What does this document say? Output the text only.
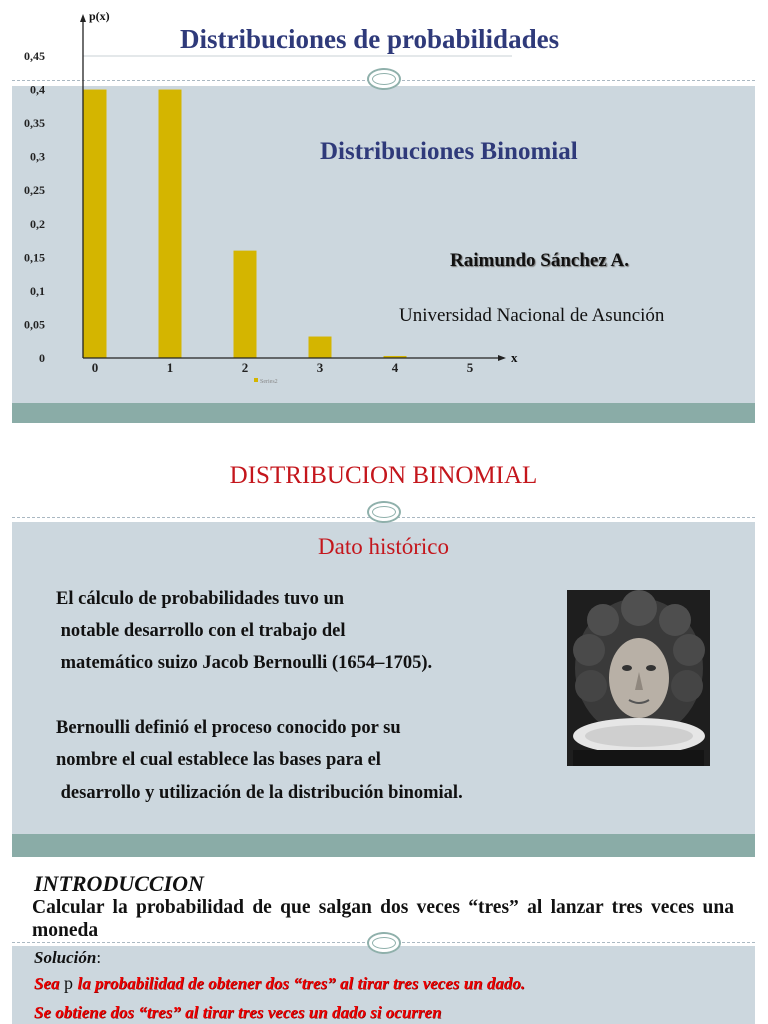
0
0,05
0,1
0,15
0,2
0,25
0,3
0,35
0,4
0,45
0	1	2	3	4	5
p(x)
x
Series2
Distribuciones de probabilidades
Distribuciones Binomial
Raimundo Sánchez A.
Universidad Nacional de Asunción
DISTRIBUCION BINOMIAL
Dato histórico
El cálculo de probabilidades tuvo un
notable desarrollo con el trabajo del
matemático suizo Jacob Bernoulli (1654–1705).
Bernoulli definió el proceso conocido por su
nombre el cual establece las bases para el
desarrollo y utilización de la distribución binomial.
INTRODUCCION
Calcular la probabilidad de que salgan dos veces “tres” al lanzar tres veces una moneda
Solución:
Sea p la probabilidad de obtener dos “tres” al tirar tres veces un dado.
Se obtiene dos “tres” al tirar tres veces un dado si ocurren
